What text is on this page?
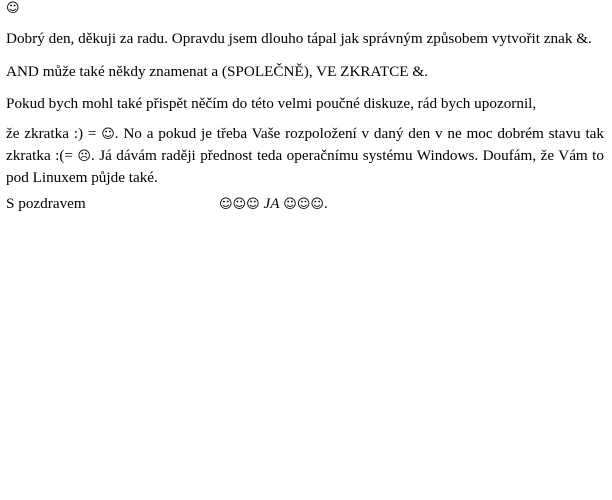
☺
Dobrý den, děkuji za radu. Opravdu jsem dlouho tápal jak správným způsobem vytvořit znak &.
AND může také někdy znamenat a (SPOLEČNĚ), VE ZKRATCE &.
Pokud bych mohl také přispět něčím do této velmi poučné diskuze, rád bych upozornil,
že zkratka :) = ☺. No a pokud je třeba Vaše rozpoložení v daný den v ne moc dobrém stavu tak zkratka :(= ☹. Já dávám raději přednost teda operačnímu systému Windows. Doufám, že Vám to pod Linuxem půjde také.
S pozdravem	☺☺☺ JA ☺☺☺.
